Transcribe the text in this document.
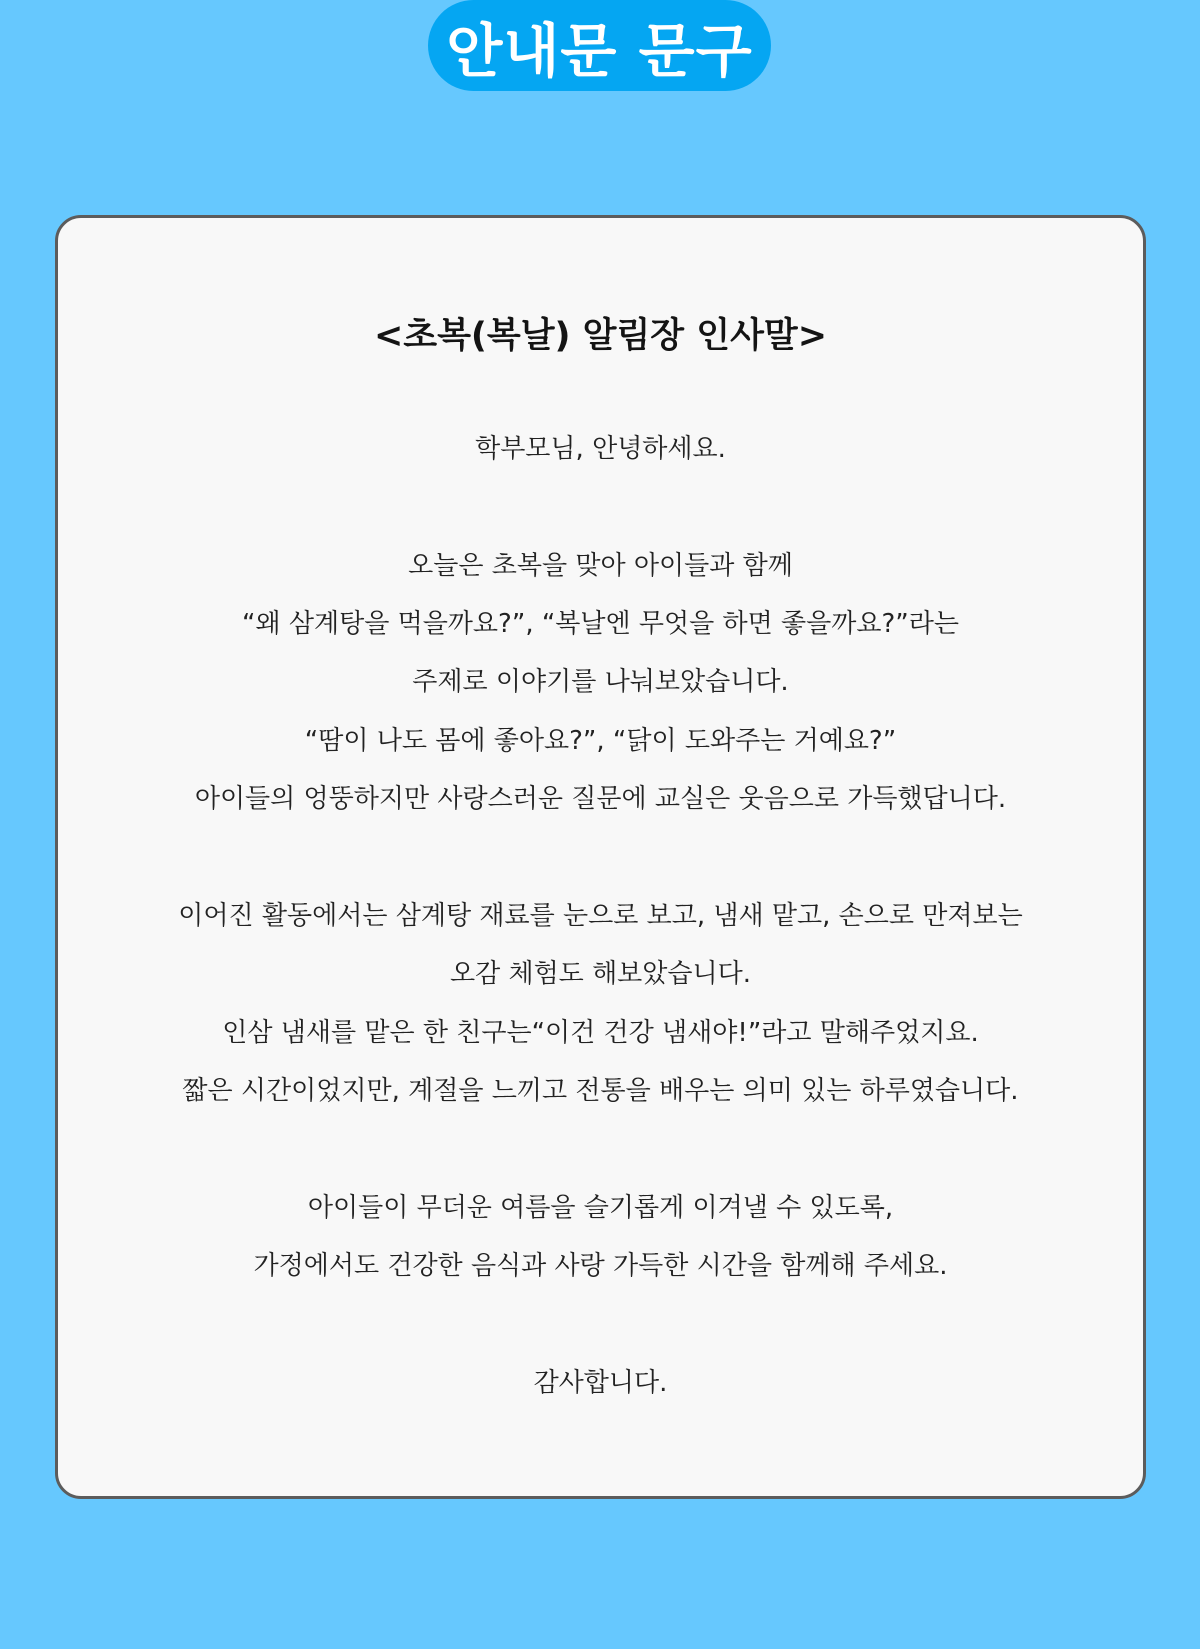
안내문 문구
<초복(복날) 알림장 인사말>
학부모님, 안녕하세요.
오늘은 초복을 맞아 아이들과 함께
“왜 삼계탕을 먹을까요?”, “복날엔 무엇을 하면 좋을까요?”라는
주제로 이야기를 나눠보았습니다.
“땀이 나도 몸에 좋아요?”, “닭이 도와주는 거예요?”
아이들의 엉뚱하지만 사랑스러운 질문에 교실은 웃음으로 가득했답니다.
이어진 활동에서는 삼계탕 재료를 눈으로 보고, 냄새 맡고, 손으로 만져보는
오감 체험도 해보았습니다.
인삼 냄새를 맡은 한 친구는“이건 건강 냄새야!”라고 말해주었지요.
짧은 시간이었지만, 계절을 느끼고 전통을 배우는 의미 있는 하루였습니다.
아이들이 무더운 여름을 슬기롭게 이겨낼 수 있도록,
가정에서도 건강한 음식과 사랑 가득한 시간을 함께해 주세요.
감사합니다.
